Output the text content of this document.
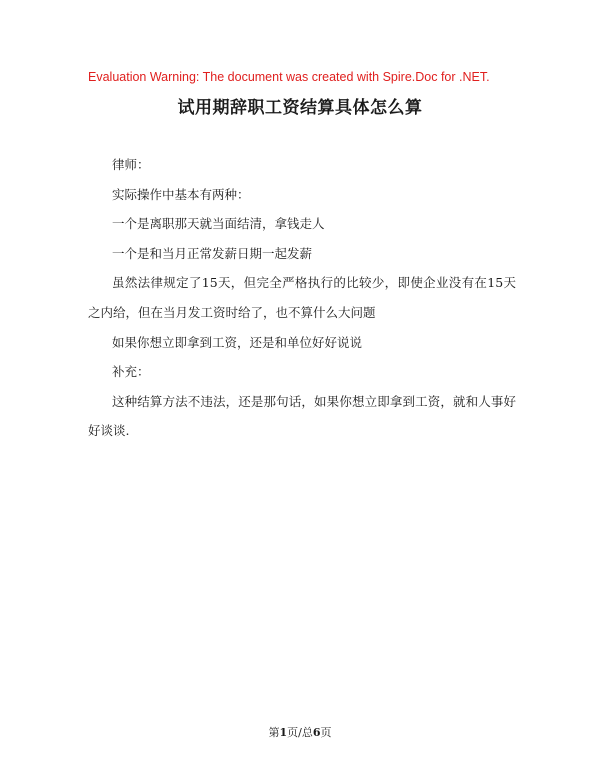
Evaluation Warning: The document was created with Spire.Doc for .NET.
试用期辞职工资结算具体怎么算

律师：

实际操作中基本有两种：

一个是离职那天就当面结清，拿钱走人

一个是和当月正常发薪日期一起发薪

虽然法律规定了15天，但完全严格执行的比较少，即使企业没有在15天之内给，但在当月发工资时给了，也不算什么大问题

如果你想立即拿到工资，还是和单位好好说说

补充：

这种结算方法不违法，还是那句话，如果你想立即拿到工资，就和人事好好谈谈.

第1页/总6页
